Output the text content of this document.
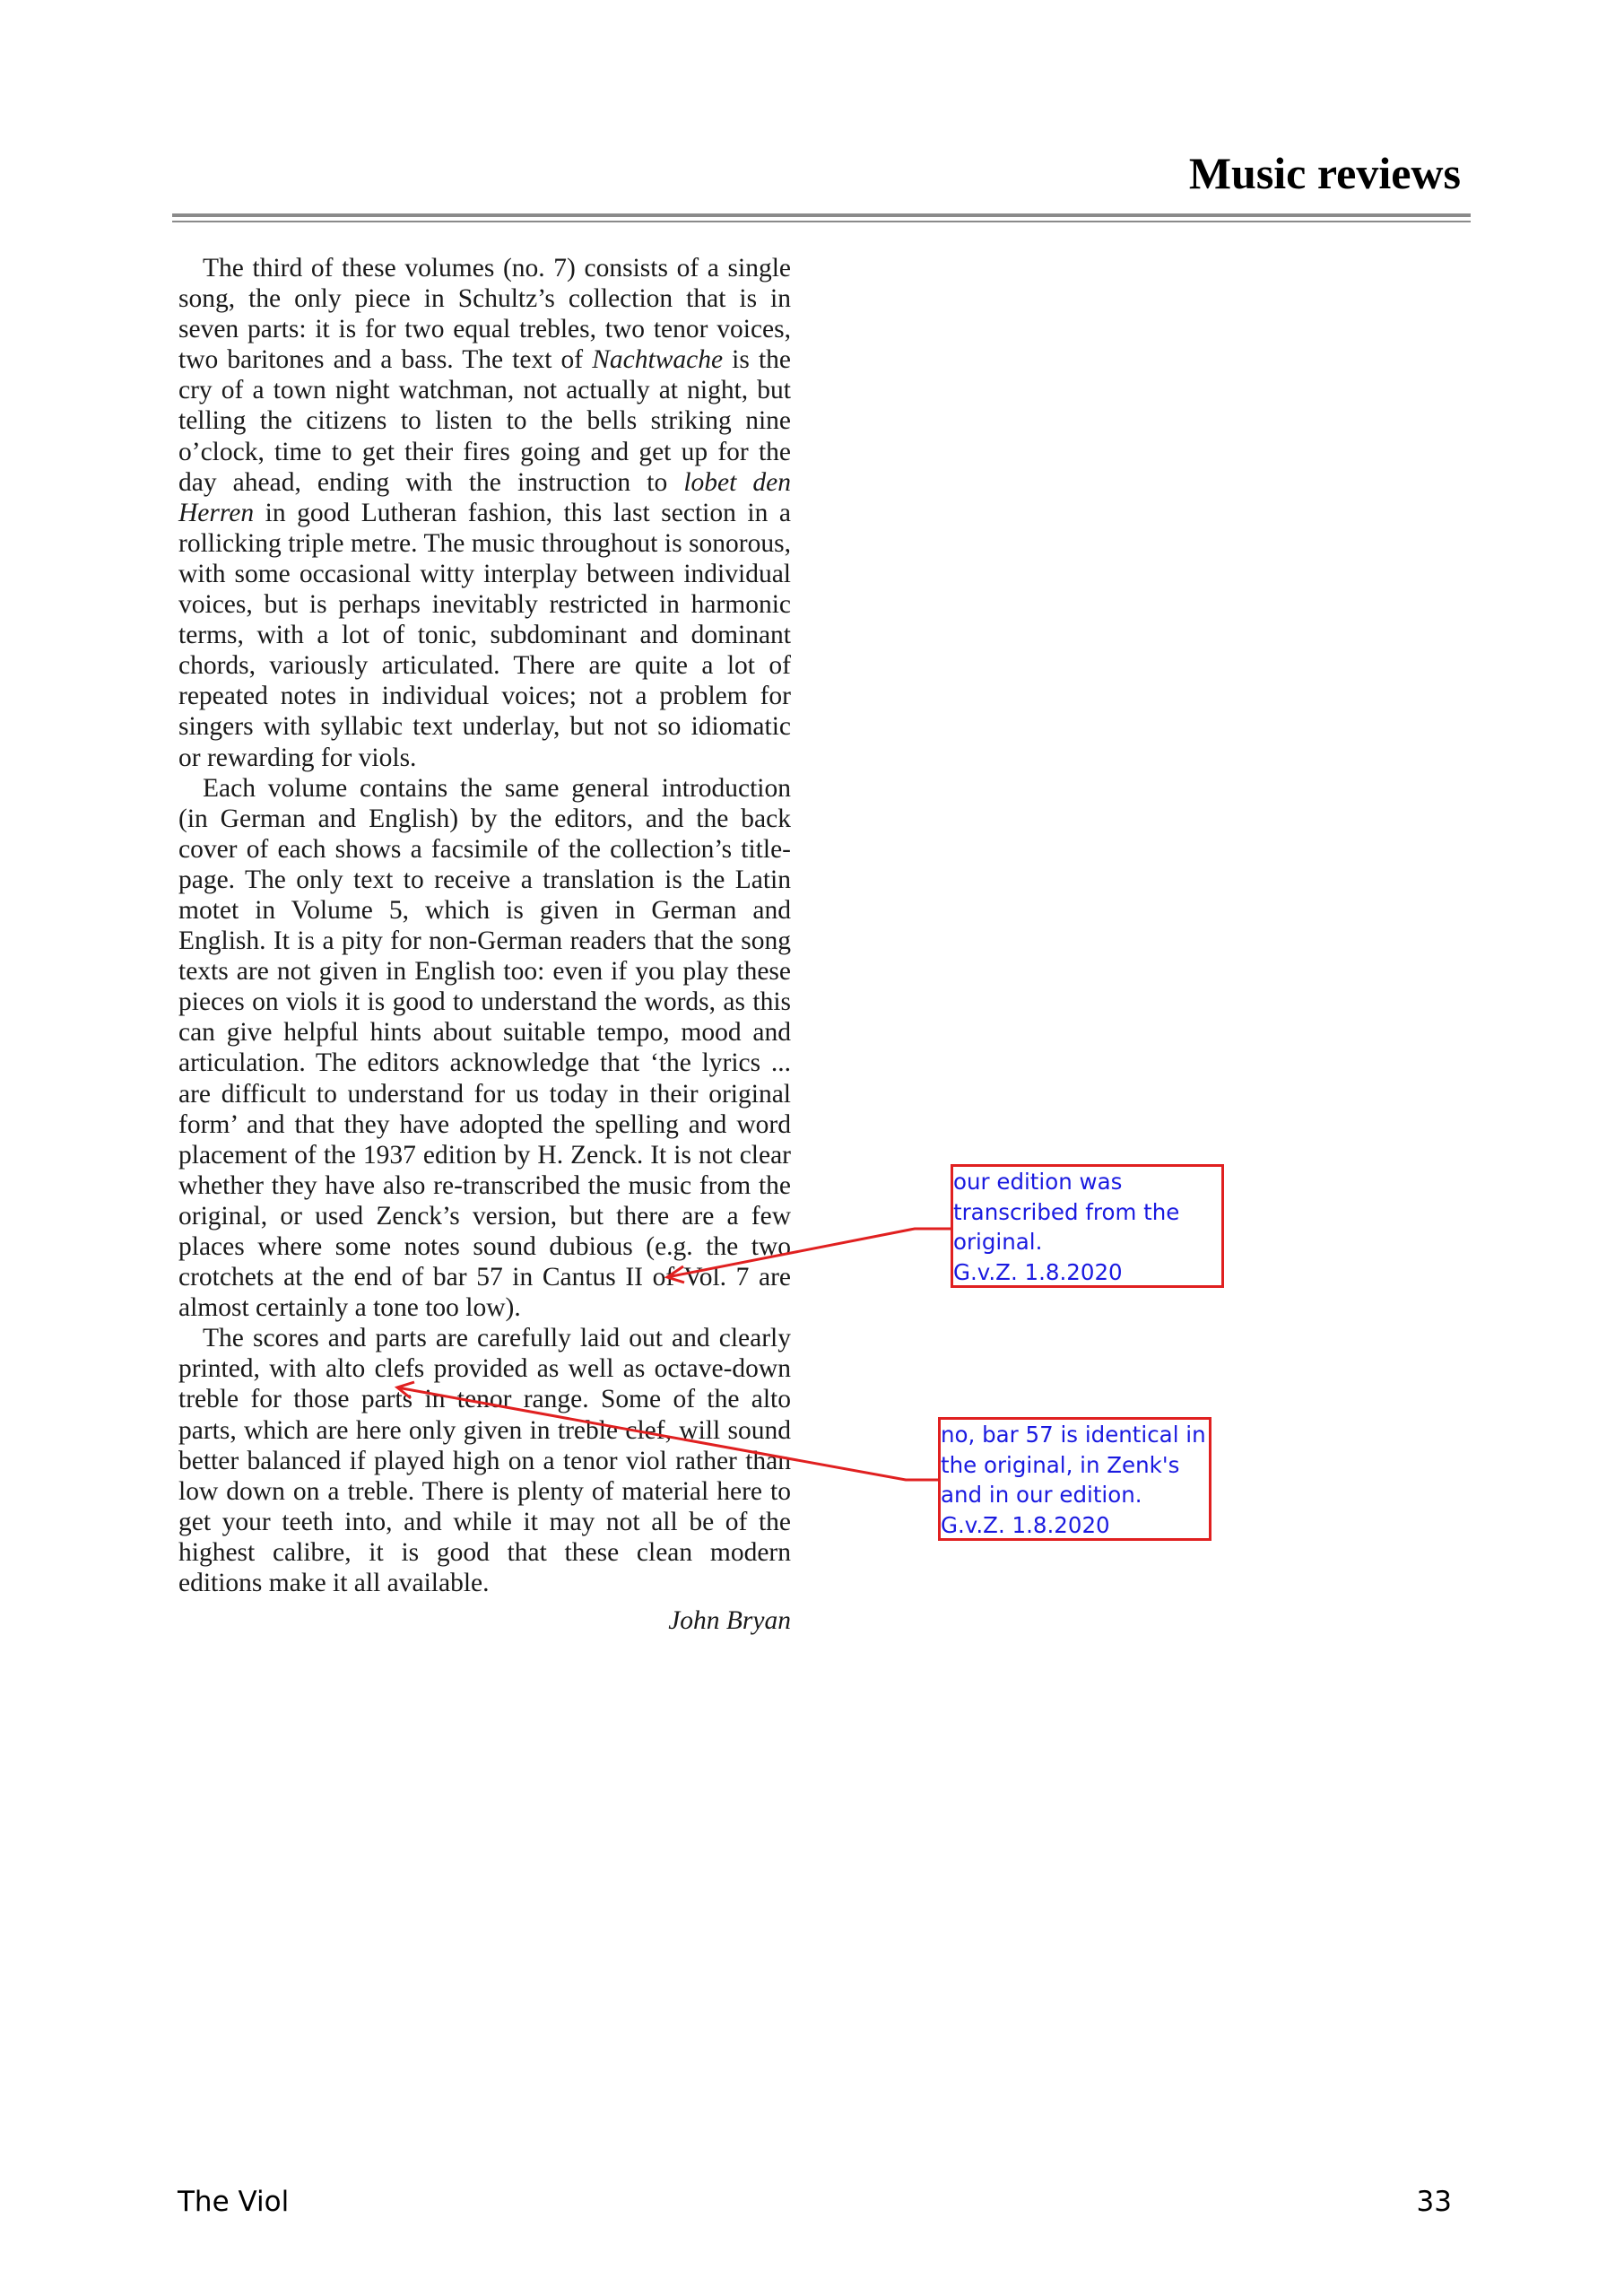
Music reviews

The third of these volumes (no. 7) consists of a single song, the only piece in Schultz’s collection that is in seven parts: it is for two equal trebles, two tenor voices, two baritones and a bass. The text of Nachtwache is the cry of a town night watchman, not actually at night, but telling the citizens to listen to the bells striking nine o’clock, time to get their fires going and get up for the day ahead, ending with the instruction to lobet den Herren in good Lutheran fashion, this last section in a rollicking triple metre. The music throughout is sonorous, with some occasional witty interplay between individual voices, but is perhaps inevitably restricted in harmonic terms, with a lot of tonic, subdominant and dominant chords, variously articulated. There are quite a lot of repeated notes in individual voices; not a problem for singers with syllabic text underlay, but not so idiomatic or rewarding for viols.

Each volume contains the same general introduction (in German and English) by the editors, and the back cover of each shows a facsimile of the collection’s title-page. The only text to receive a translation is the Latin motet in Volume 5, which is given in German and English. It is a pity for non-German readers that the song texts are not given in English too: even if you play these pieces on viols it is good to understand the words, as this can give helpful hints about suitable tempo, mood and articulation. The editors acknowledge that ‘the lyrics ... are difficult to understand for us today in their original form’ and that they have adopted the spelling and word placement of the 1937 edition by H. Zenck. It is not clear whether they have also re-transcribed the music from the original, or used Zenck’s version, but there are a few places where some notes sound dubious (e.g. the two crotchets at the end of bar 57 in Cantus II of Vol. 7 are almost certainly a tone too low).

The scores and parts are carefully laid out and clearly printed, with alto clefs provided as well as octave-down treble for those parts in tenor range. Some of the alto parts, which are here only given in treble clef, will sound better balanced if played high on a tenor viol rather than low down on a treble. There is plenty of material here to get your teeth into, and while it may not all be of the highest calibre, it is good that these clean modern editions make it all available.

John Bryan

our edition was
transcribed from the
original.
G.v.Z. 1.8.2020
no, bar 57 is identical in
the original, in Zenk's
and in our edition.
G.v.Z. 1.8.2020
The Viol	33
